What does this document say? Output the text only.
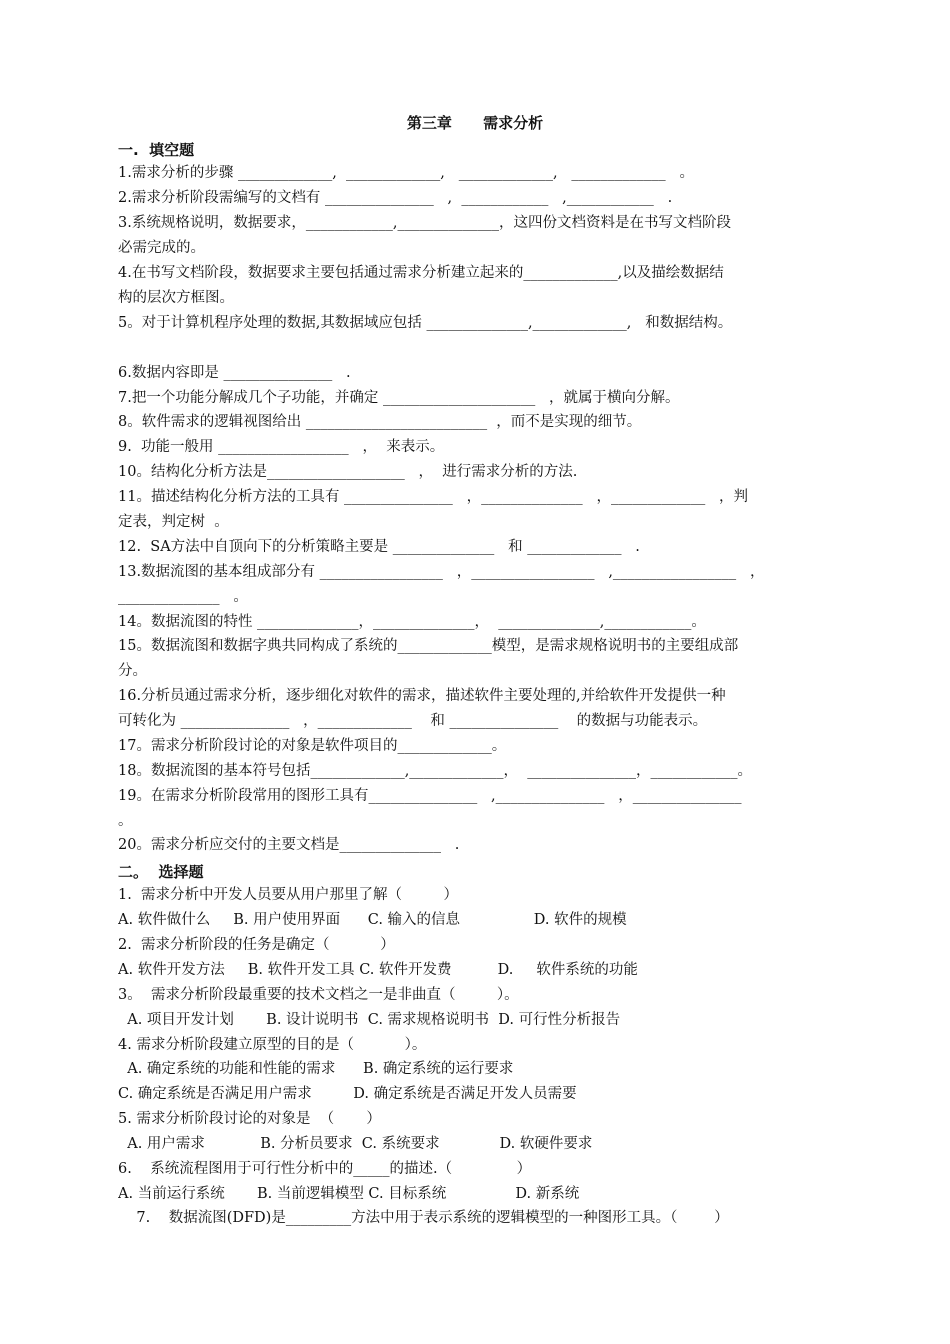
第三章      需求分析
一.  填空题
1.需求分析的步骤 _____________,  _____________,   _____________,   _____________   。
2.需求分析阶段需编写的文档有 _______________   ,  ____________   ,____________   .
3.系统规格说明，数据要求，____________,______________，这四份文档资料是在书写文档阶段
必需完成的。
4.在书写文档阶段，数据要求主要包括通过需求分析建立起来的_____________,以及描绘数据结
构的层次方框图。
5。对于计算机程序处理的数据,其数据域应包括 ______________,_____________,   和数据结构。
6.数据内容即是 _______________   .
7.把一个功能分解成几个子功能，并确定 _____________________   ，就属于横向分解。
8。软件需求的逻辑视图给出 _________________________  ，而不是实现的细节。
9.  功能一般用 __________________   ，  来表示。
10。结构化分析方法是___________________   ，  进行需求分析的方法.
11。描述结构化分析方法的工具有 _______________   ，______________   ，_____________   ，判
定表，判定树  。
12.  SA方法中自顶向下的分析策略主要是 ______________   和 _____________   .
13.数据流图的基本组成部分有 _________________   ，_________________   ,_________________   ，
______________   。
14。数据流图的特性 ______________，______________，  ______________,____________。
15。数据流图和数据字典共同构成了系统的_____________模型，是需求规格说明书的主要组成部
分。
16.分析员通过需求分析，逐步细化对软件的需求，描述软件主要处理的,并给软件开发提供一种
可转化为 _______________   ，_____________    和 _______________    的数据与功能表示。
17。需求分析阶段讨论的对象是软件项目的_____________。
18。数据流图的基本符号包括_____________,_____________，  _______________，____________。
19。在需求分析阶段常用的图形工具有_______________   ,_______________   ，_______________
。
20。需求分析应交付的主要文档是______________   .
二。  选择题
1.  需求分析中开发人员要从用户那里了解（         ）
A. 软件做什么     B. 用户使用界面      C. 输入的信息                D. 软件的规模
2.  需求分析阶段的任务是确定（           ）
A. 软件开发方法     B. 软件开发工具 C. 软件开发费          D.     软件系统的功能
3。  需求分析阶段最重要的技术文档之一是非曲直（         ）。
A. 项目开发计划       B. 设计说明书  C. 需求规格说明书  D. 可行性分析报告
4. 需求分析阶段建立原型的目的是（           ）。
A. 确定系统的功能和性能的需求      B. 确定系统的运行要求
C. 确定系统是否满足用户需求         D. 确定系统是否满足开发人员需要
5. 需求分析阶段讨论的对象是  （       ）
A. 用户需求            B. 分析员要求  C. 系统要求             D. 软硬件要求
6.    系统流程图用于可行性分析中的_____的描述.（              ）
A. 当前运行系统       B. 当前逻辑模型 C. 目标系统               D. 新系统
7.    数据流图(DFD)是_________方法中用于表示系统的逻辑模型的一种图形工具。（        ）
